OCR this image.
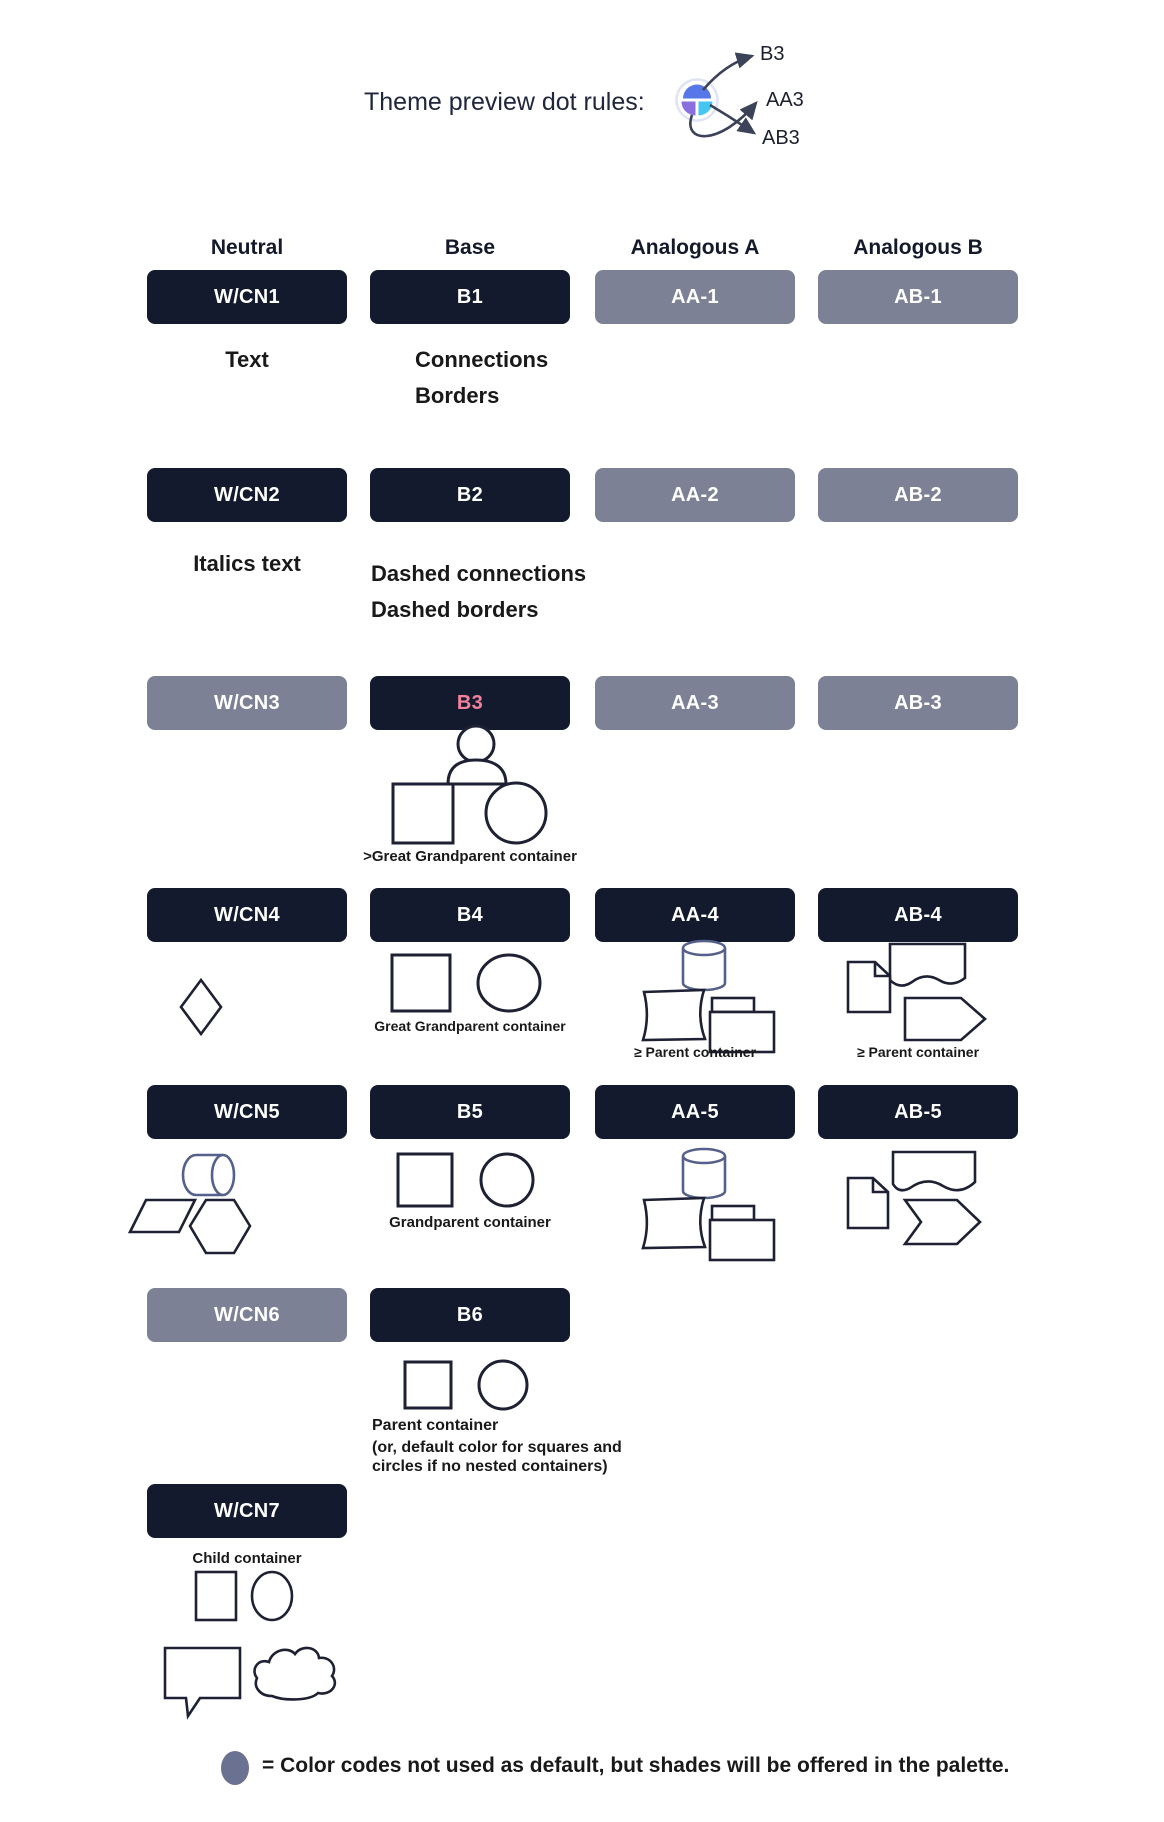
Theme preview dot rules:
B3
AA3
AB3
Neutral	Base	Analogous A	Analogous B
W/CN1	B1	AA-1	AB-1
Text	Connections
Borders
W/CN2	B2	AA-2	AB-2
Italics text	Dashed connections
Dashed borders
W/CN3	B3	AA-3	AB-3
>Great Grandparent container
W/CN4	B4	AA-4	AB-4
Great Grandparent container
≥ Parent container	≥ Parent container
W/CN5	B5	AA-5	AB-5
Grandparent container
W/CN6	B6
Parent container
(or, default color for squares and
circles if no nested containers)
W/CN7
Child container
= Color codes not used as default, but shades will be offered in the palette.
